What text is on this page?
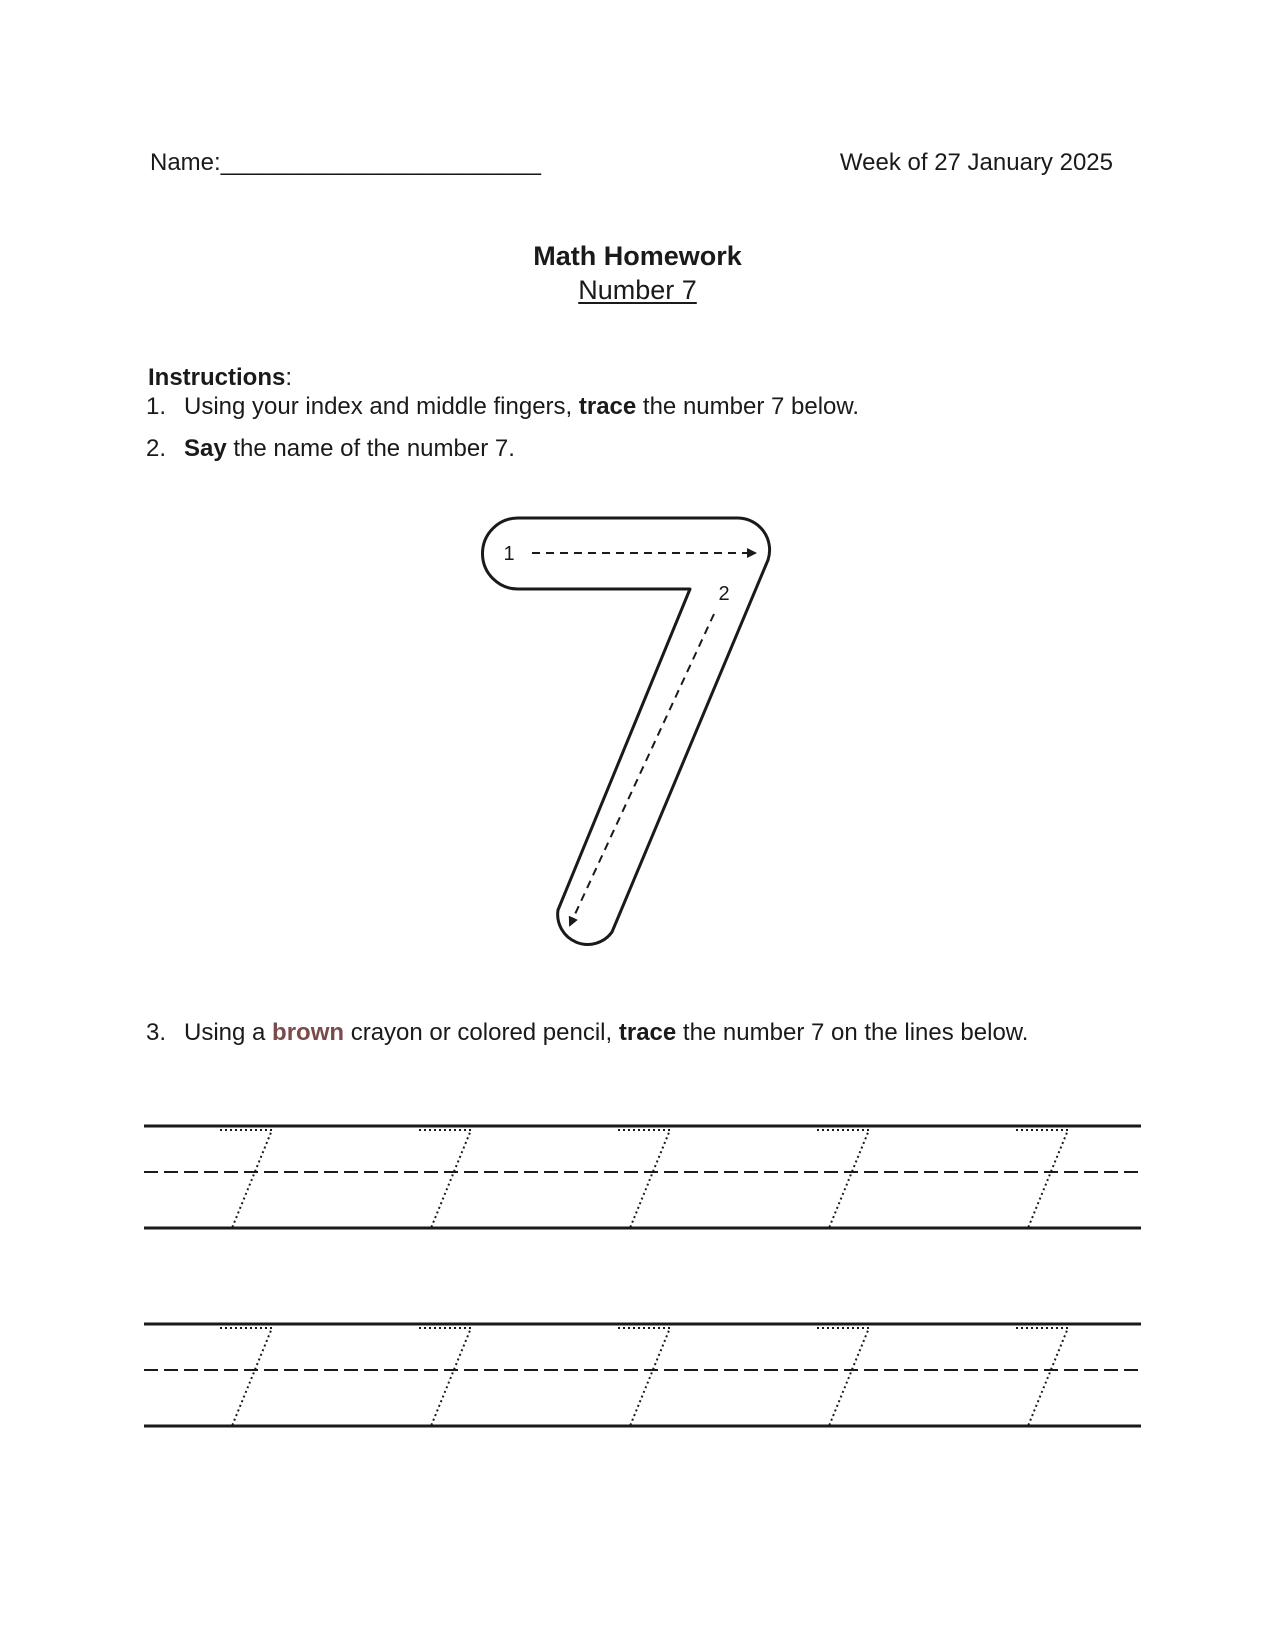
Name:________________________	Week of 27 January 2025
Math Homework
Number 7
Instructions:
1. Using your index and middle fingers, trace the number 7 below.
2. Say the name of the number 7.
3. Using a brown crayon or colored pencil, trace the number 7 on the lines below.
1
2
